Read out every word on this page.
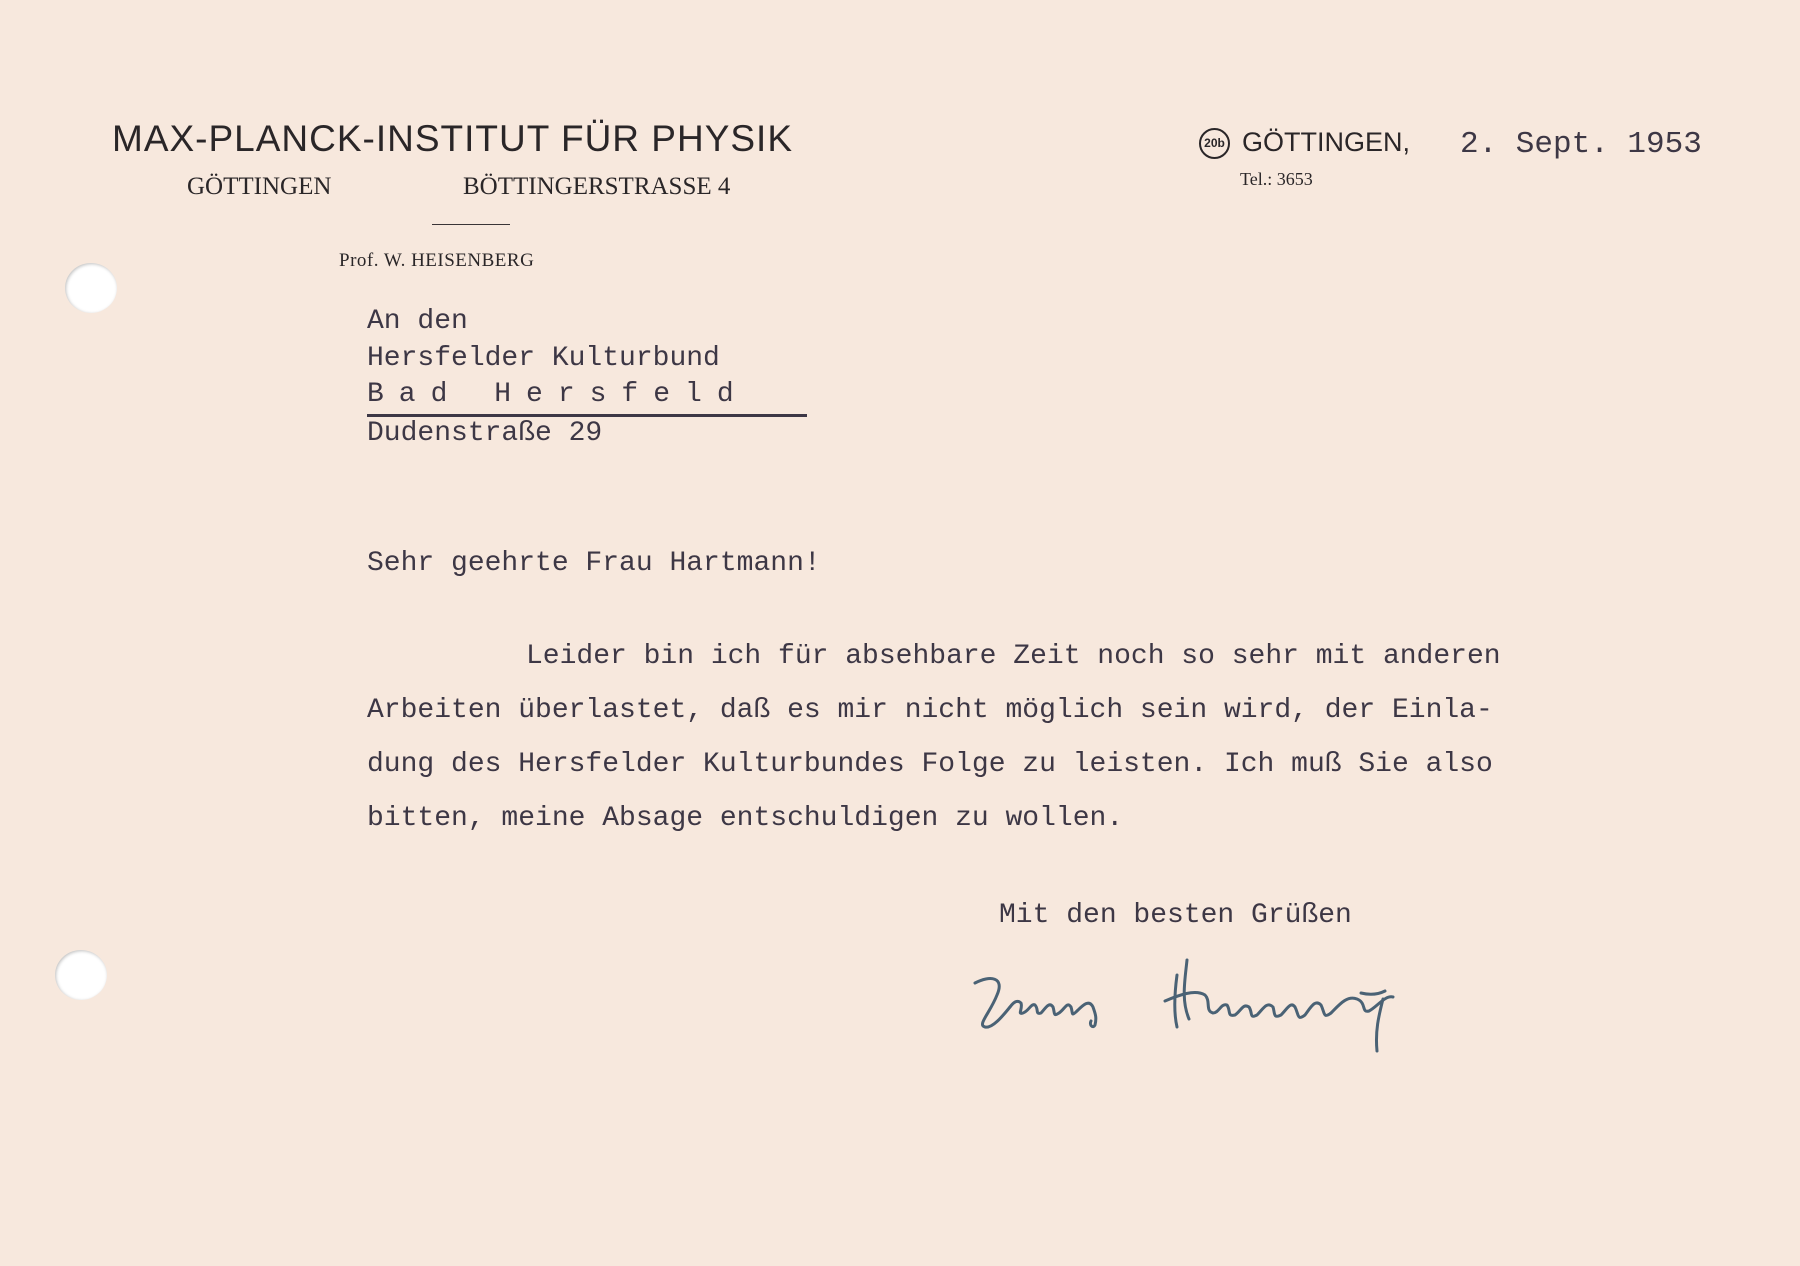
MAX-PLANCK-INSTITUT FÜR PHYSIK
GÖTTINGEN	BÖTTINGERSTRASSE 4
Prof. W. HEISENBERG
20b GÖTTINGEN,
Tel.: 3653
2. Sept. 1953
An den
Hersfelder Kulturbund
Bad Hersfeld
Dudenstraße 29
Sehr geehrte Frau Hartmann!
Leider bin ich für absehbare Zeit noch so sehr mit anderen
Arbeiten überlastet, daß es mir nicht möglich sein wird, der Einla-
dung des Hersfelder Kulturbundes Folge zu leisten. Ich muß Sie also
bitten, meine Absage entschuldigen zu wollen.
Mit den besten Grüßen
